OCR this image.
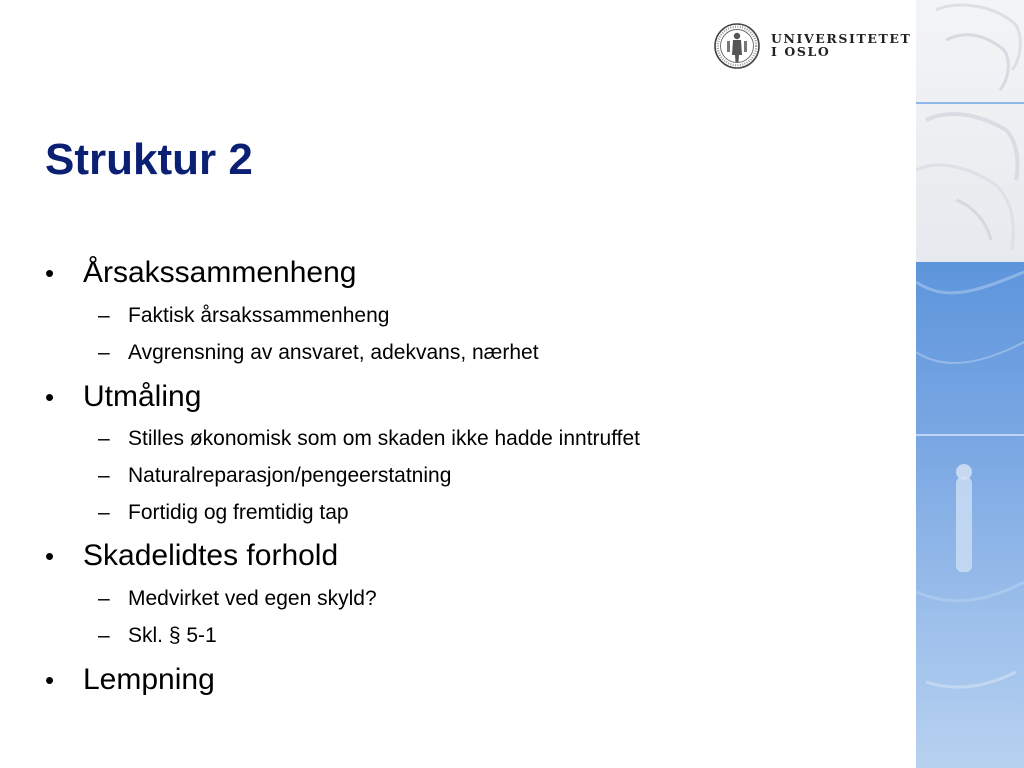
UNIVERSITETET
I OSLO
Struktur 2
• Årsakssammenheng
– Faktisk årsakssammenheng
– Avgrensning av ansvaret, adekvans, nærhet
• Utmåling
– Stilles økonomisk som om skaden ikke hadde inntruffet
– Naturalreparasjon/pengeerstatning
– Fortidig og fremtidig tap
• Skadelidtes forhold
– Medvirket ved egen skyld?
– Skl. § 5-1
• Lempning
